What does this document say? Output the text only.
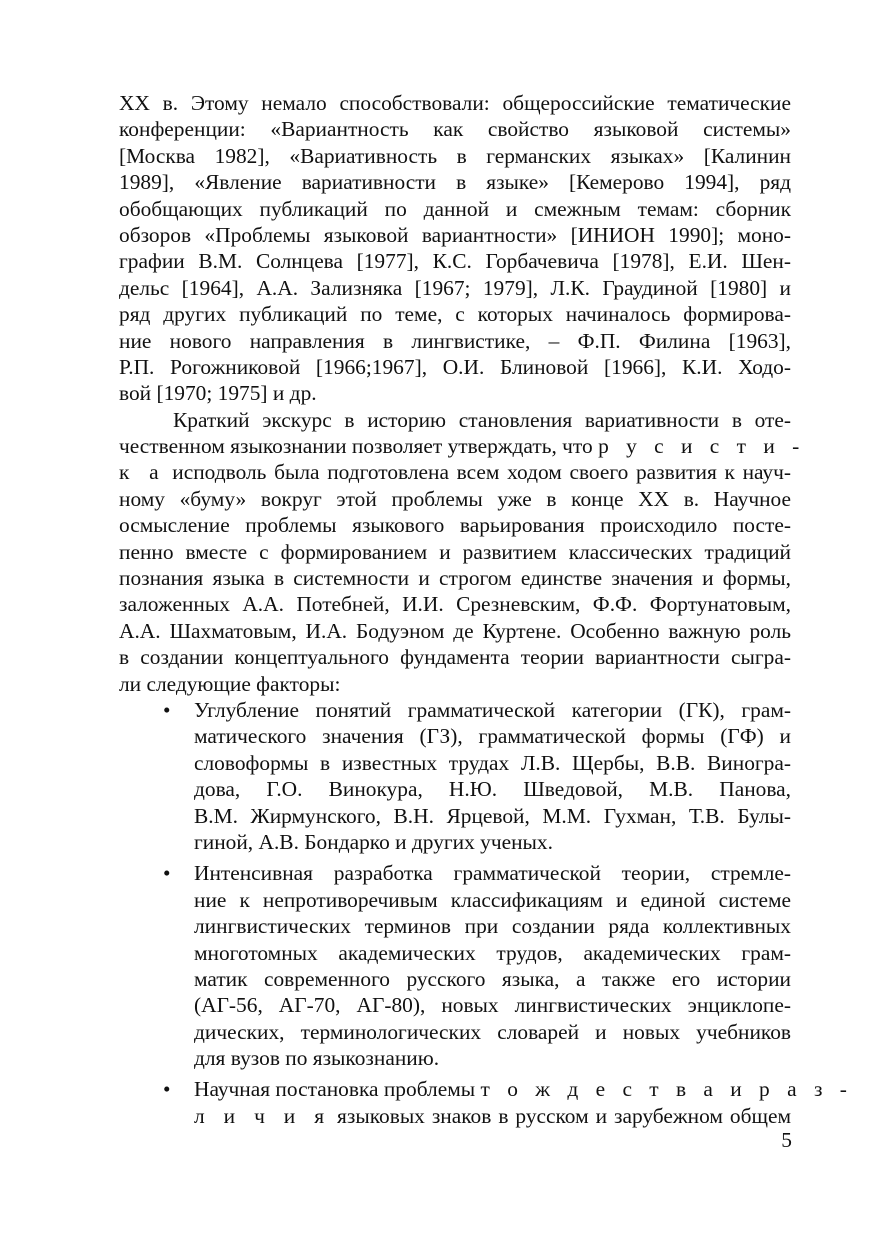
XX в. Этому немало способствовали: общероссийские тематические
конференции: «Вариантность как свойство языковой системы»
[Москва 1982], «Вариативность в германских языках» [Калинин
1989], «Явление вариативности в языке» [Кемерово 1994], ряд
обобщающих публикаций по данной и смежным темам: сборник
обзоров «Проблемы языковой вариантности» [ИНИОН 1990]; моно-
графии В.М. Солнцева [1977], К.С. Горбачевича [1978], Е.И. Шен-
дельс [1964], А.А. Зализняка [1967; 1979], Л.К. Граудиной [1980] и
ряд других публикаций по теме, с которых начиналось формирова-
ние нового направления в лингвистике, – Ф.П. Филина [1963],
Р.П. Рогожниковой [1966;1967], О.И. Блиновой [1966], К.И. Ходо-
вой [1970; 1975] и др.
Краткий экскурс в историю становления вариативности в оте-
чественном языкознании позволяет утверждать, что р у с и с т и -
к а исподволь была подготовлена всем ходом своего развития к науч-
ному «буму» вокруг этой проблемы уже в конце XX в. Научное
осмысление проблемы языкового варьирования происходило посте-
пенно вместе с формированием и развитием классических традиций
познания языка в системности и строгом единстве значения и формы,
заложенных А.А. Потебней, И.И. Срезневским, Ф.Ф. Фортунатовым,
А.А. Шахматовым, И.А. Бодуэном де Куртене. Особенно важную роль
в создании концептуального фундамента теории вариантности сыгра-
ли следующие факторы:
• Углубление понятий грамматической категории (ГК), грам-
матического значения (ГЗ), грамматической формы (ГФ) и
словоформы в известных трудах Л.В. Щербы, В.В. Виногра-
дова, Г.О. Винокура, Н.Ю. Шведовой, М.В. Панова,
В.М. Жирмунского, В.Н. Ярцевой, М.М. Гухман, Т.В. Булы-
гиной, А.В. Бондарко и других ученых.
• Интенсивная разработка грамматической теории, стремле-
ние к непротиворечивым классификациям и единой системе
лингвистических терминов при создании ряда коллективных
многотомных академических трудов, академических грам-
матик современного русского языка, а также его истории
(АГ-56, АГ-70, АГ-80), новых лингвистических энциклопе-
дических, терминологических словарей и новых учебников
для вузов по языкознанию.
• Научная постановка проблемы т о ж д е с т в а и р а з -
л и ч и я языковых знаков в русском и зарубежном общем
5
